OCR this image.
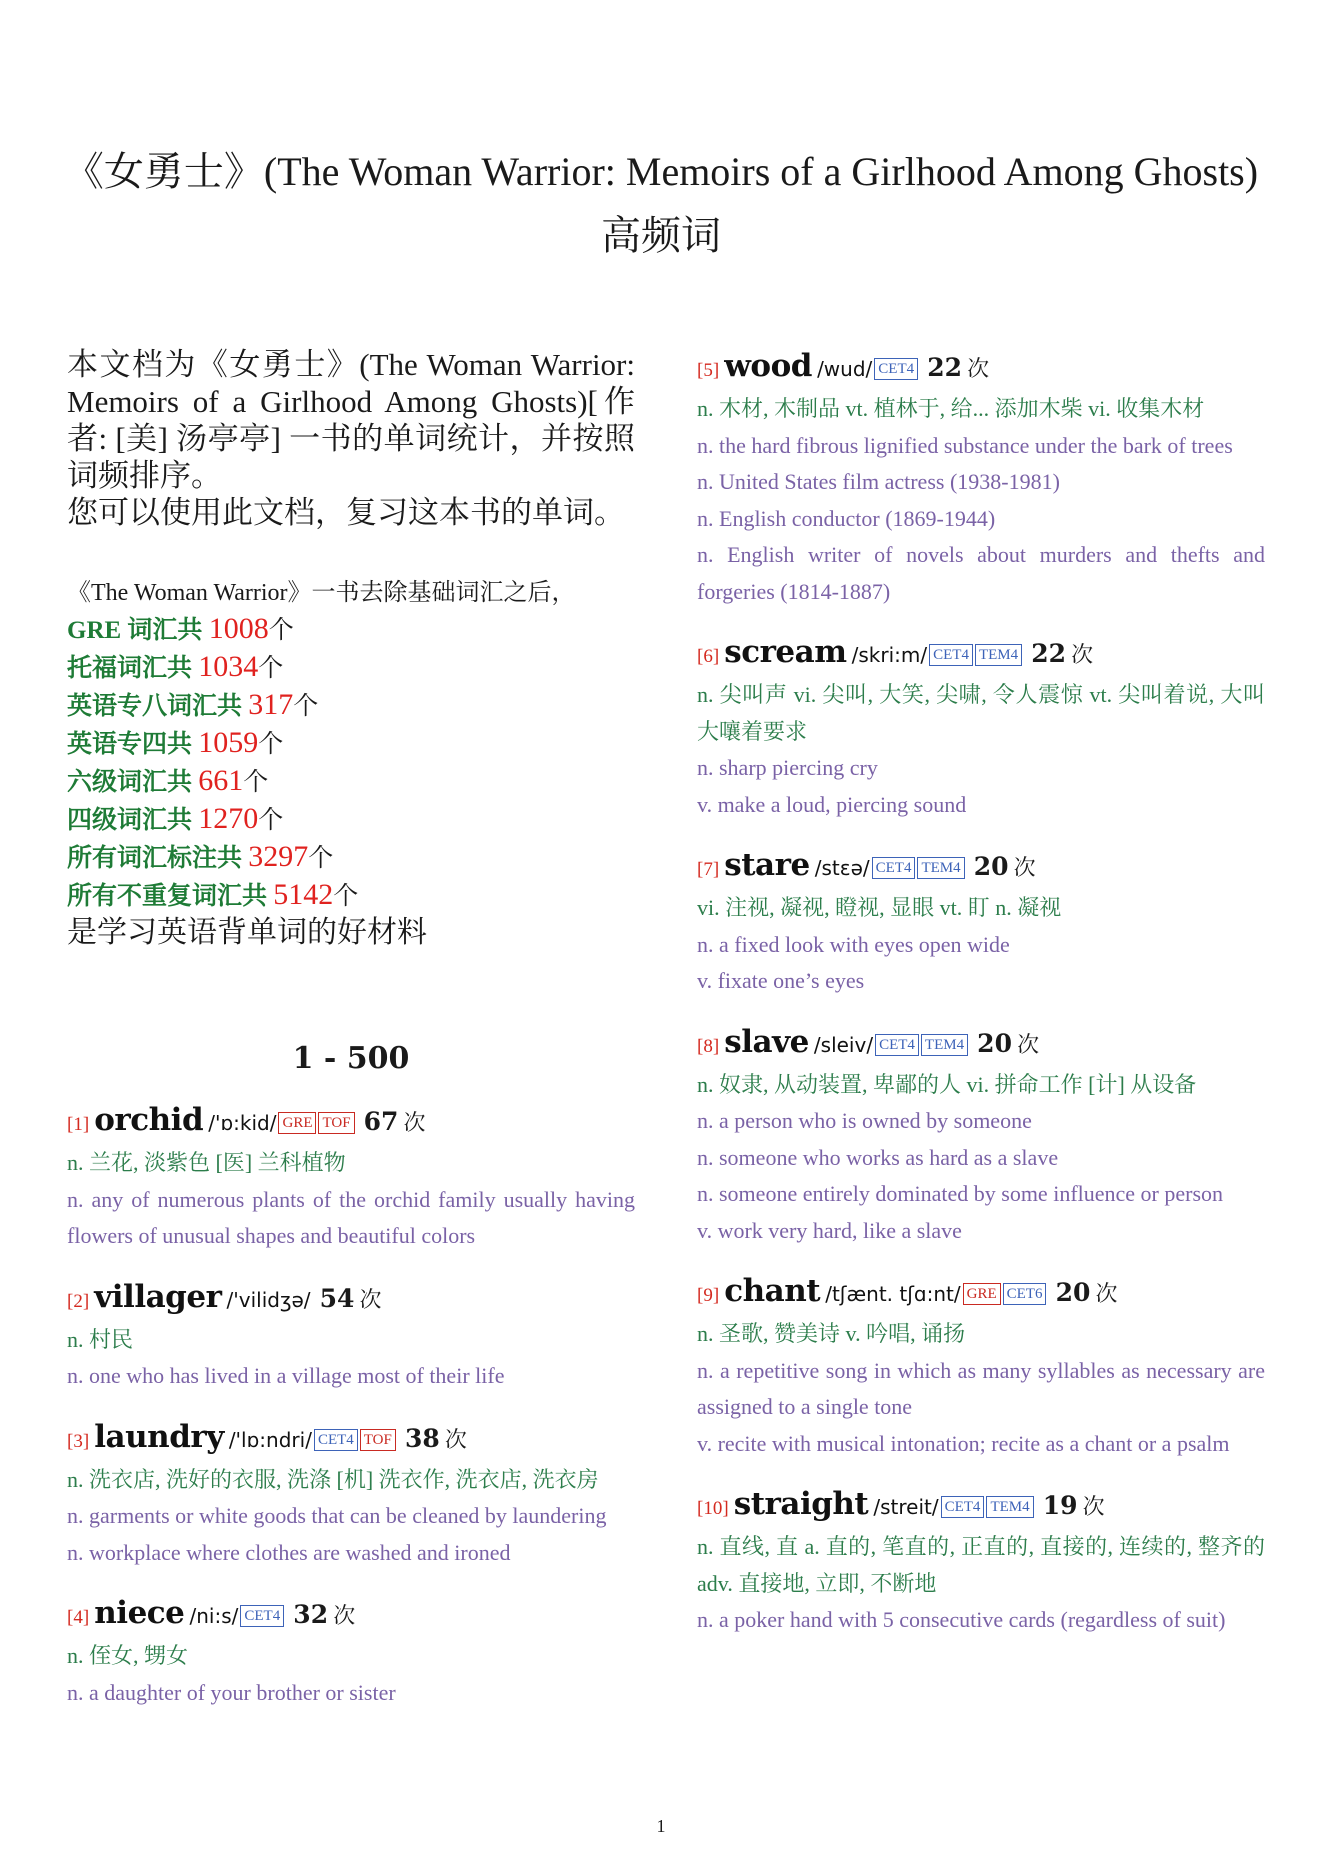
《女勇士》(The Woman Warrior: Memoirs of a Girlhood Among Ghosts) 高频词
本文档为《女勇士》(The Woman Warrior: Memoirs of a Girlhood Among Ghosts)[作者: [美] 汤亭亭] 一书的单词统计，并按照词频排序。
您可以使用此文档，复习这本书的单词。
《The Woman Warrior》一书去除基础词汇之后，
GRE 词汇共 1008个
托福词汇共 1034个
英语专八词汇共 317个
英语专四共 1059个
六级词汇共 661个
四级词汇共 1270个
所有词汇标注共 3297个
所有不重复词汇共 5142个
是学习英语背单词的好材料
1 - 500
[1] orchid /'ɒ:kid/ GRE TOF 67 次

n. 兰花, 淡紫色 [医] 兰科植物

n. any of numerous plants of the orchid family usually having flowers of unusual shapes and beautiful colors

[2] villager /'vilidʒə/ 54 次

n. 村民

n. one who has lived in a village most of their life

[3] laundry /'lɒ:ndri/ CET4 TOF 38 次

n. 洗衣店, 洗好的衣服, 洗涤 [机] 洗衣作, 洗衣店, 洗衣房

n. garments or white goods that can be cleaned by laundering

n. workplace where clothes are washed and ironed

[4] niece /ni:s/ CET4 32 次

n. 侄女, 甥女

n. a daughter of your brother or sister

[5] wood /wud/ CET4 22 次

n. 木材, 木制品 vt. 植林于, 给... 添加木柴 vi. 收集木材

n. the hard fibrous lignified substance under the bark of trees

n. United States film actress (1938-1981)

n. English conductor (1869-1944)

n. English writer of novels about murders and thefts and forgeries (1814-1887)

[6] scream /skri:m/ CET4 TEM4 22 次

n. 尖叫声 vi. 尖叫, 大笑, 尖啸, 令人震惊 vt. 尖叫着说, 大叫大嚷着要求

n. sharp piercing cry

v. make a loud, piercing sound

[7] stare /stɛə/ CET4 TEM4 20 次

vi. 注视, 凝视, 瞪视, 显眼 vt. 盯 n. 凝视

n. a fixed look with eyes open wide

v. fixate one’s eyes

[8] slave /sleiv/ CET4 TEM4 20 次

n. 奴隶, 从动装置, 卑鄙的人 vi. 拼命工作 [计] 从设备

n. a person who is owned by someone

n. someone who works as hard as a slave

n. someone entirely dominated by some influence or person

v. work very hard, like a slave

[9] chant /tʃænt. tʃɑ:nt/ GRE CET6 20 次

n. 圣歌, 赞美诗 v. 吟唱, 诵扬

n. a repetitive song in which as many syllables as necessary are assigned to a single tone

v. recite with musical intonation; recite as a chant or a psalm

[10] straight /streit/ CET4 TEM4 19 次

n. 直线, 直 a. 直的, 笔直的, 正直的, 直接的, 连续的, 整齐的 adv. 直接地, 立即, 不断地

n. a poker hand with 5 consecutive cards (regardless of suit)

1
